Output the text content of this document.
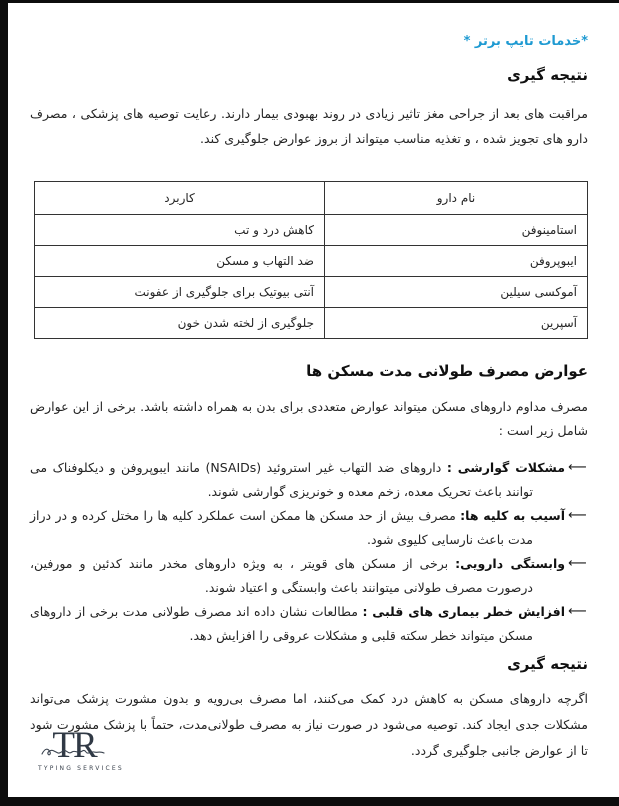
*خدمات تایپ برتر *
نتیجه گیری

مراقبت های بعد از جراحی مغز تاثیر زیادی در روند بهبودی بیمار دارند. رعایت توصیه های پزشکی ، مصرف دارو های تجویز شده ، و تغذیه مناسب میتواند از بروز عوارض جلوگیری کند.

نام دارو	کاربرد
استامینوفن	کاهش درد و تب
ایبوپروفن	ضد التهاب و مسکن
آموکسی سیلین	آنتی بیوتیک برای جلوگیری از عفونت
آسپرین	جلوگیری از لخته شدن خون
عوارض مصرف طولانی مدت مسکن ها

مصرف مداوم داروهای مسکن میتواند عوارض متعددی برای بدن به همراه داشته باشد. برخی از این عوارض شامل زیر است :

⟵
مشکلات گوارشی : داروهای ضد التهاب غیر استروئید (NSAIDs) مانند ایبوپروفن و دیکلوفناک می توانند باعث تحریک معده، زخم معده و خونریزی گوارشی شوند.
⟵
آسیب به کلیه ها: مصرف بیش از حد مسکن ها ممکن است عملکرد کلیه ها را مختل کرده و در دراز مدت باعث نارسایی کلیوی شود.
⟵
وابستگی دارویی: برخی از مسکن های قویتر ، به ویژه داروهای مخدر مانند کدئین و مورفین، درصورت مصرف طولانی میتوانند باعث وابستگی و اعتیاد شوند.
⟵
افزایش خطر بیماری های قلبی : مطالعات نشان داده اند مصرف طولانی مدت برخی از داروهای مسکن میتواند خطر سکته قلبی و مشکلات عروقی را افزایش دهد.
نتیجه گیری

اگرچه داروهای مسکن به کاهش درد کمک می‌کنند، اما مصرف بی‌رویه و بدون مشورت پزشک می‌تواند مشکلات جدی ایجاد کند. توصیه می‌شود در صورت نیاز به مصرف طولانی‌مدت، حتماً با پزشک مشورت شود تا از عوارض جانبی جلوگیری گردد.

TR
TYPING SERVICES
